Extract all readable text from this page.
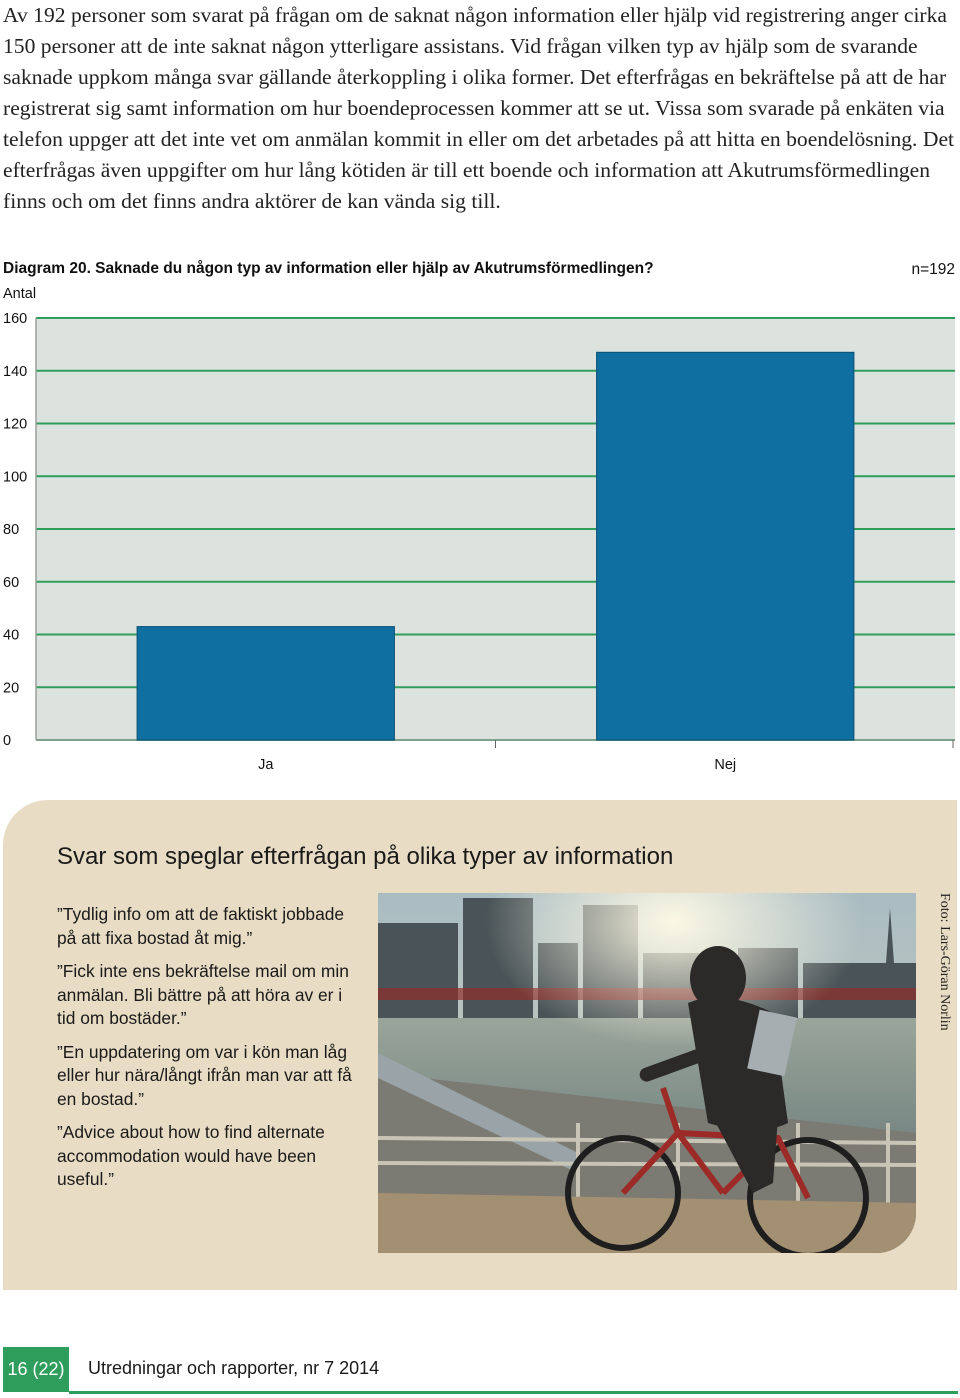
Av 192 personer som svarat på frågan om de saknat någon information eller hjälp vid registrering anger cirka 150 personer att de inte saknat någon ytterligare assistans. Vid frågan vilken typ av hjälp som de svarande saknade uppkom många svar gällande återkoppling i olika former. Det efterfrågas en bekräftelse på att de har registrerat sig samt information om hur boendeprocessen kommer att se ut. Vissa som svarade på enkäten via telefon uppger att det inte vet om anmälan kommit in eller om det arbetades på att hitta en boendelösning. Det efterfrågas även uppgifter om hur lång kötiden är till ett boende och information att Akutrumsförmedlingen finns och om det finns andra aktörer de kan vända sig till.

Diagram 20. Saknade du någon typ av information eller hjälp av Akutrumsförmedlingen?	n=192
Antal
0
20
40
60
80
100
120
140
160
Ja	Nej
Svar som speglar efterfrågan på olika typer av information

”Tydlig info om att de faktiskt jobbade på att fixa bostad åt mig.”

”Fick inte ens bekräftelse mail om min anmälan. Bli bättre på att höra av er i tid om bostäder.”

”En uppdatering om var i kön man låg eller hur nära/långt ifrån man var att få en bostad.”

”Advice about how to find alternate accommodation would have been useful.”

Foto: Lars-Göran Norlin
16 (22) Utredningar och rapporter, nr 7 2014
